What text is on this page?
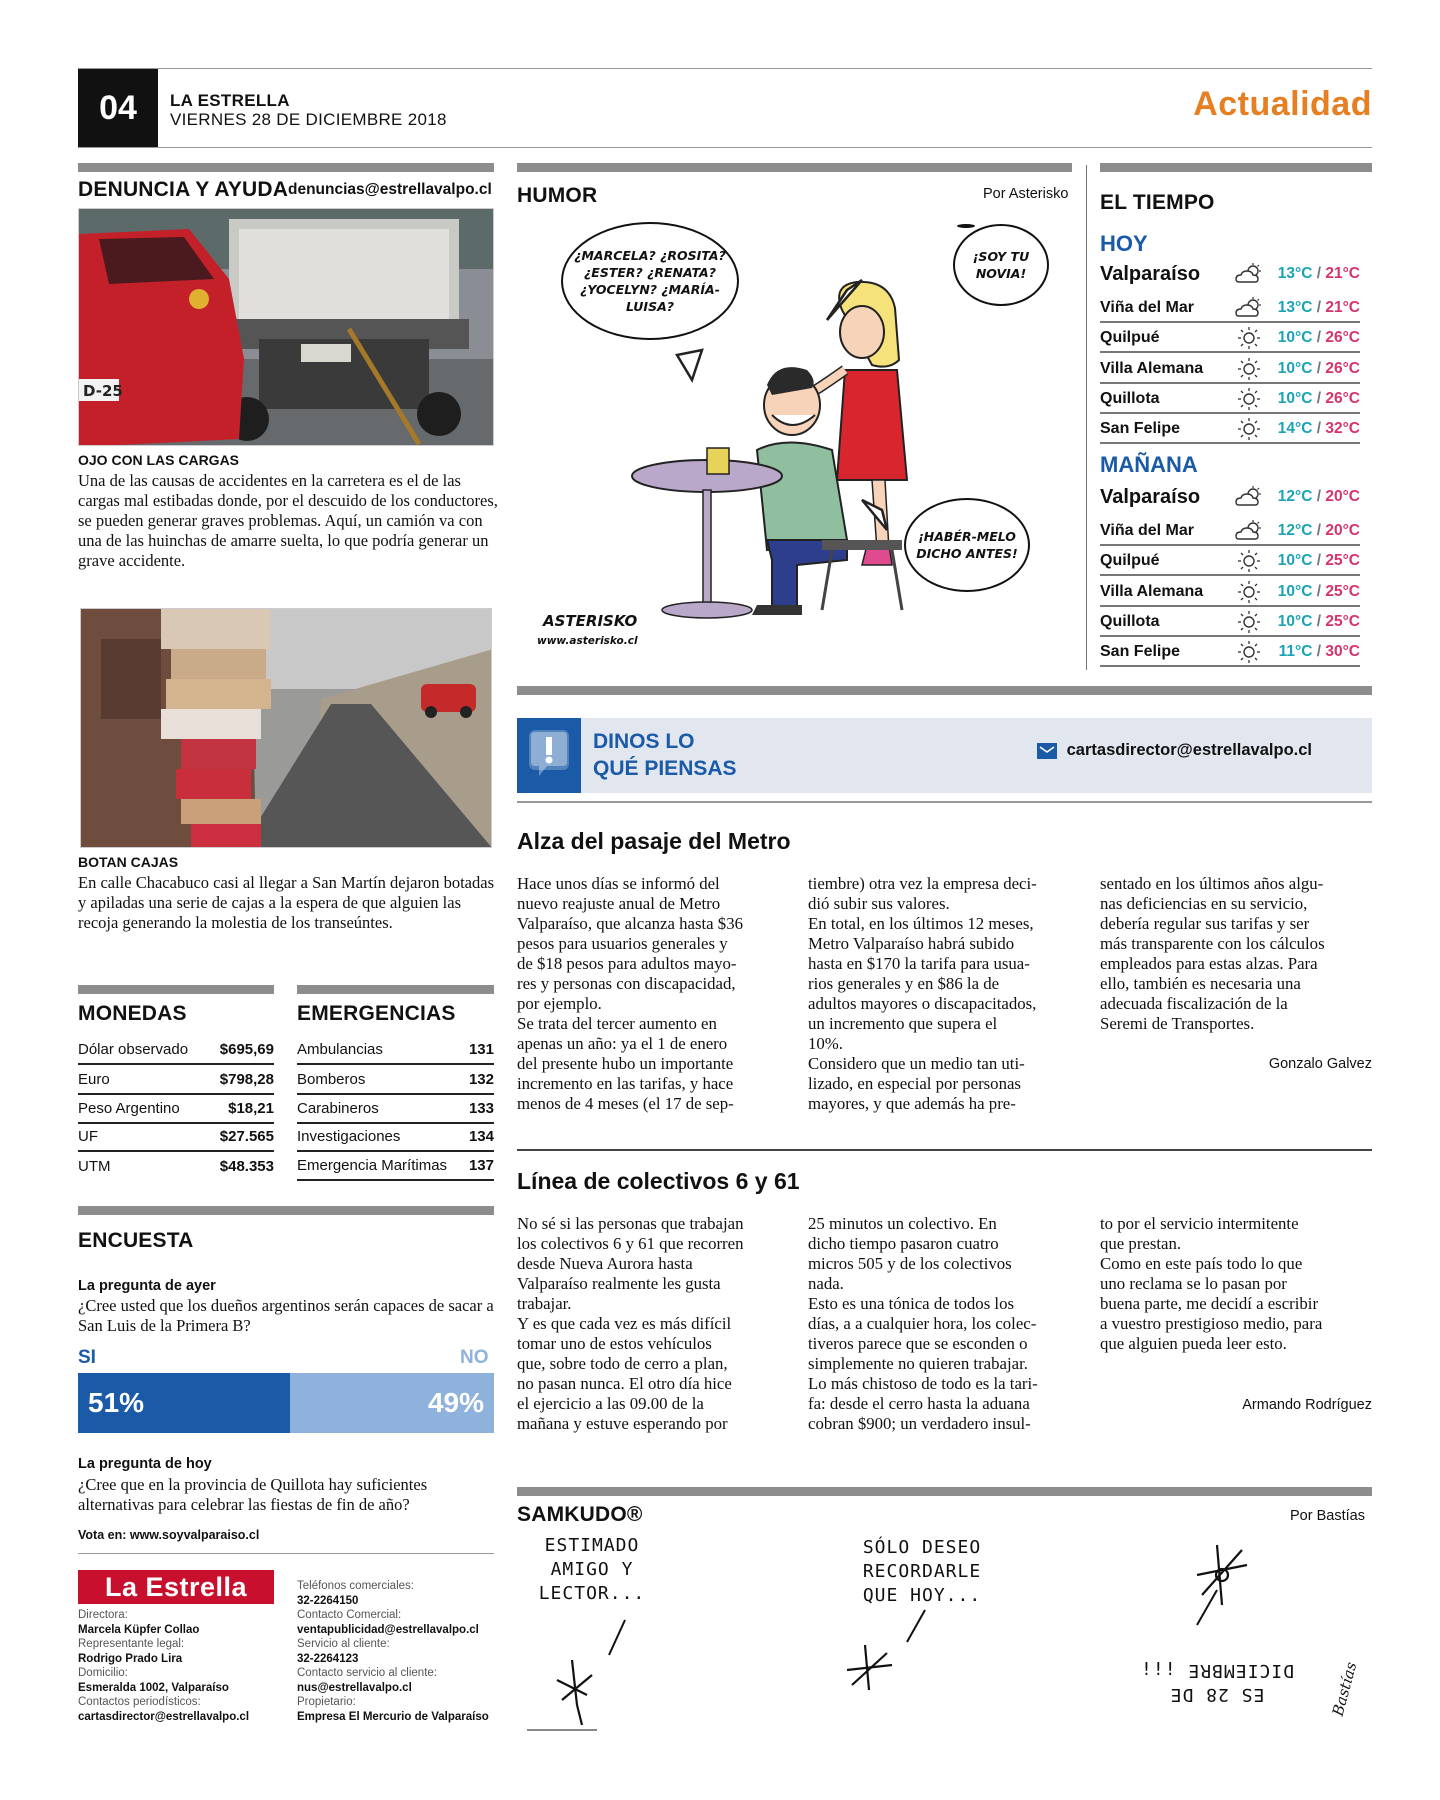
04	LA ESTRELLA
VIERNES 28 DE DICIEMBRE 2018	Actualidad
DENUNCIA Y AYUDA denuncias@estrellavalpo.cl
D-25
OJO CON LAS CARGAS
Una de las causas de accidentes en la carretera es el de las cargas mal estibadas donde, por el descuido de los conductores, se pueden generar graves problemas. Aquí, un camión va con una de las huinchas de amarre suelta, lo que podría generar un grave accidente.
BOTAN CAJAS
En calle Chacabuco casi al llegar a San Martín dejaron botadas y apiladas una serie de cajas a la espera de que alguien las recoja generando la molestia de los transeúntes.
MONEDAS
Dólar observado $695,69
Euro	$798,28
Peso Argentino	$18,21
UF	$27.565
UTM	$48.353
EMERGENCIAS
Ambulancias	131
Bomberos	132
Carabineros	133
Investigaciones	134
Emergencia Marítimas 137
ENCUESTA
La pregunta de ayer
¿Cree usted que los dueños argentinos serán capaces de sacar a San Luis de la Primera B?
SI	NO
51%	49%
La pregunta de hoy
¿Cree que en la provincia de Quillota hay suficientes alternativas para celebrar las fiestas de fin de año?
Vota en: www.soyvalparaiso.cl
La Estrella
Directora:
Marcela Küpfer Collao
Representante legal:
Rodrigo Prado Lira
Domicilio:
Esmeralda 1002, Valparaíso
Contactos periodísticos:
cartasdirector@estrellavalpo.cl
Teléfonos comerciales:
32-2264150
Contacto Comercial:
ventapublicidad@estrellavalpo.cl
Servicio al cliente:
32-2264123
Contacto servicio al cliente:
nus@estrellavalpo.cl
Propietario:
Empresa El Mercurio de Valparaíso
HUMOR	Por Asterisko
¿MARCELA? ¿ROSITA? ¿ESTER? ¿RENATA? ¿YOCELYN? ¿MARÍA-LUISA?
¡SOY TU NOVIA!
¡HABÉR-MELO DICHO ANTES!
ASTERISKO
www.asterisko.cl
EL TIEMPO
HOY
Valparaíso	13°C / 21°C
Viña del Mar	13°C / 21°C
Quilpué	10°C / 26°C
Villa Alemana	10°C / 26°C
Quillota	10°C / 26°C
San Felipe	14°C / 32°C
MAÑANA
Valparaíso	12°C / 20°C
Viña del Mar	12°C / 20°C
Quilpué	10°C / 25°C
Villa Alemana	10°C / 25°C
Quillota	10°C / 25°C
San Felipe	11°C / 30°C
DINOS LO
QUÉ PIENSAS
cartasdirector@estrellavalpo.cl
Alza del pasaje del Metro
Hace unos días se informó del
nuevo reajuste anual de Metro
Valparaíso, que alcanza hasta $36
pesos para usuarios generales y
de $18 pesos para adultos mayo-
res y personas con discapacidad,
por ejemplo.
Se trata del tercer aumento en
apenas un año: ya el 1 de enero
del presente hubo un importante
incremento en las tarifas, y hace
menos de 4 meses (el 17 de sep-
tiembre) otra vez la empresa deci-
dió subir sus valores.
En total, en los últimos 12 meses,
Metro Valparaíso habrá subido
hasta en $170 la tarifa para usua-
rios generales y en $86 la de
adultos mayores o discapacitados,
un incremento que supera el
10%.
Considero que un medio tan uti-
lizado, en especial por personas
mayores, y que además ha pre-
sentado en los últimos años algu-
nas deficiencias en su servicio,
debería regular sus tarifas y ser
más transparente con los cálculos
empleados para estas alzas. Para
ello, también es necesaria una
adecuada fiscalización de la
Seremi de Transportes.
Gonzalo Galvez
Línea de colectivos 6 y 61
No sé si las personas que trabajan
los colectivos 6 y 61 que recorren
desde Nueva Aurora hasta
Valparaíso realmente les gusta
trabajar.
Y es que cada vez es más difícil
tomar uno de estos vehículos
que, sobre todo de cerro a plan,
no pasan nunca. El otro día hice
el ejercicio a las 09.00 de la
mañana y estuve esperando por
25 minutos un colectivo. En
dicho tiempo pasaron cuatro
micros 505 y de los colectivos
nada.
Esto es una tónica de todos los
días, a a cualquier hora, los colec-
tiveros parece que se esconden o
simplemente no quieren trabajar.
Lo más chistoso de todo es la tari-
fa: desde el cerro hasta la aduana
cobran $900; un verdadero insul-
to por el servicio intermitente
que prestan.
Como en este país todo lo que
uno reclama se lo pasan por
buena parte, me decidí a escribir
a vuestro prestigioso medio, para
que alguien pueda leer esto.
Armando Rodríguez
SAMKUDO®	Por Bastías
ESTIMADO
AMIGO Y
LECTOR...
SÓLO DESEO
RECORDARLE
QUE HOY...
ES 28 DE
DICIEMBRE ¡¡¡	Bastías
